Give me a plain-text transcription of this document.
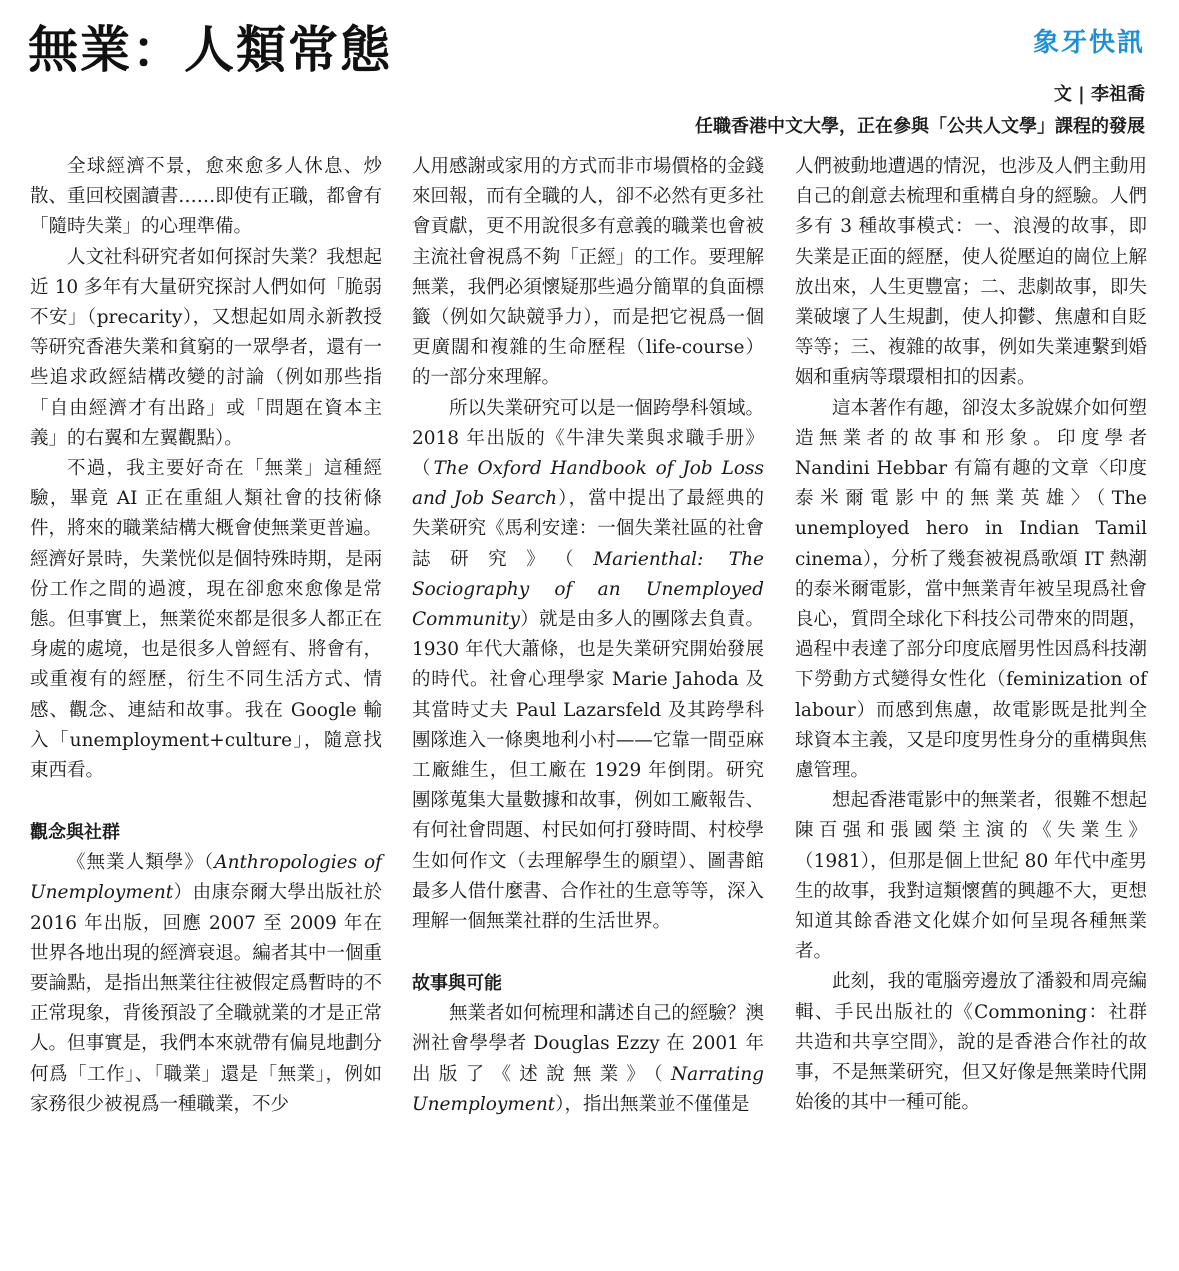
無業：人類常態	象牙快訊
文 | 李祖喬
任職香港中文大學，正在參與「公共人文學」課程的發展

全球經濟不景，愈來愈多人休息、炒散、重回校園讀書……即使有正職，都會有「隨時失業」的心理準備。

人文社科研究者如何探討失業？我想起近 10 多年有大量研究探討人們如何「脆弱不安」（precarity），又想起如周永新教授等研究香港失業和貧窮的一眾學者，還有一些追求政經結構改變的討論（例如那些指「自由經濟才有出路」或「問題在資本主義」的右翼和左翼觀點）。

不過，我主要好奇在「無業」這種經驗，畢竟 AI 正在重組人類社會的技術條件，將來的職業結構大概會使無業更普遍。經濟好景時，失業恍似是個特殊時期，是兩份工作之間的過渡，現在卻愈來愈像是常態。但事實上，無業從來都是很多人都正在身處的處境，也是很多人曾經有、將會有，或重複有的經歷，衍生不同生活方式、情感、觀念、連結和故事。我在 Google 輸入「unemployment+culture」，隨意找東西看。

觀念與社群

《無業人類學》（Anthropologies of Unemployment）由康奈爾大學出版社於 2016 年出版，回應 2007 至 2009 年在世界各地出現的經濟衰退。編者其中一個重要論點，是指出無業往往被假定爲暫時的不正常現象，背後預設了全職就業的才是正常人。但事實是，我們本來就帶有偏見地劃分何爲「工作」、「職業」還是「無業」，例如家務很少被視爲一種職業，不少

人用感謝或家用的方式而非市場價格的金錢來回報，而有全職的人，卻不必然有更多社會貢獻，更不用說很多有意義的職業也會被主流社會視爲不夠「正經」的工作。要理解無業，我們必須懷疑那些過分簡單的負面標籤（例如欠缺競爭力），而是把它視爲一個更廣闊和複雜的生命歷程（life-course）的一部分來理解。

所以失業研究可以是一個跨學科領域。2018 年出版的《牛津失業與求職手册》（The Oxford Handbook of Job Loss and Job Search），當中提出了最經典的失業研究《馬利安達：一個失業社區的社會誌研究》（Marienthal: The Sociography of an Unemployed Community）就是由多人的團隊去負責。1930 年代大蕭條，也是失業研究開始發展的時代。社會心理學家 Marie Jahoda 及其當時丈夫 Paul Lazarsfeld 及其跨學科團隊進入一條奧地利小村——它靠一間亞麻工廠維生，但工廠在 1929 年倒閉。研究團隊蒐集大量數據和故事，例如工廠報告、有何社會問題、村民如何打發時間、村校學生如何作文（去理解學生的願望）、圖書館最多人借什麼書、合作社的生意等等，深入理解一個無業社群的生活世界。

故事與可能

無業者如何梳理和講述自己的經驗？澳洲社會學學者 Douglas Ezzy 在 2001 年出版了《述說無業》（Narrating Unemployment），指出無業並不僅僅是

人們被動地遭遇的情況，也涉及人們主動用自己的創意去梳理和重構自身的經驗。人們多有 3 種故事模式：一、浪漫的故事，即失業是正面的經歷，使人從壓迫的崗位上解放出來，人生更豐富；二、悲劇故事，即失業破壞了人生規劃，使人抑鬱、焦慮和自貶等等；三、複雜的故事，例如失業連繫到婚姻和重病等環環相扣的因素。

這本著作有趣，卻沒太多說媒介如何塑造無業者的故事和形象。印度學者 Nandini Hebbar 有篇有趣的文章〈印度泰米爾電影中的無業英雄〉（The unemployed hero in Indian Tamil cinema），分析了幾套被視爲歌頌 IT 熱潮的泰米爾電影，當中無業青年被呈現爲社會良心，質問全球化下科技公司帶來的問題，過程中表達了部分印度底層男性因爲科技潮下勞動方式變得女性化（feminization of labour）而感到焦慮，故電影既是批判全球資本主義，又是印度男性身分的重構與焦慮管理。

想起香港電影中的無業者，很難不想起陳百强和張國榮主演的《失業生》（1981），但那是個上世紀 80 年代中產男生的故事，我對這類懷舊的興趣不大，更想知道其餘香港文化媒介如何呈現各種無業者。

此刻，我的電腦旁邊放了潘毅和周亮編輯、手民出版社的《Commoning：社群共造和共享空間》，說的是香港合作社的故事，不是無業研究，但又好像是無業時代開始後的其中一種可能。
